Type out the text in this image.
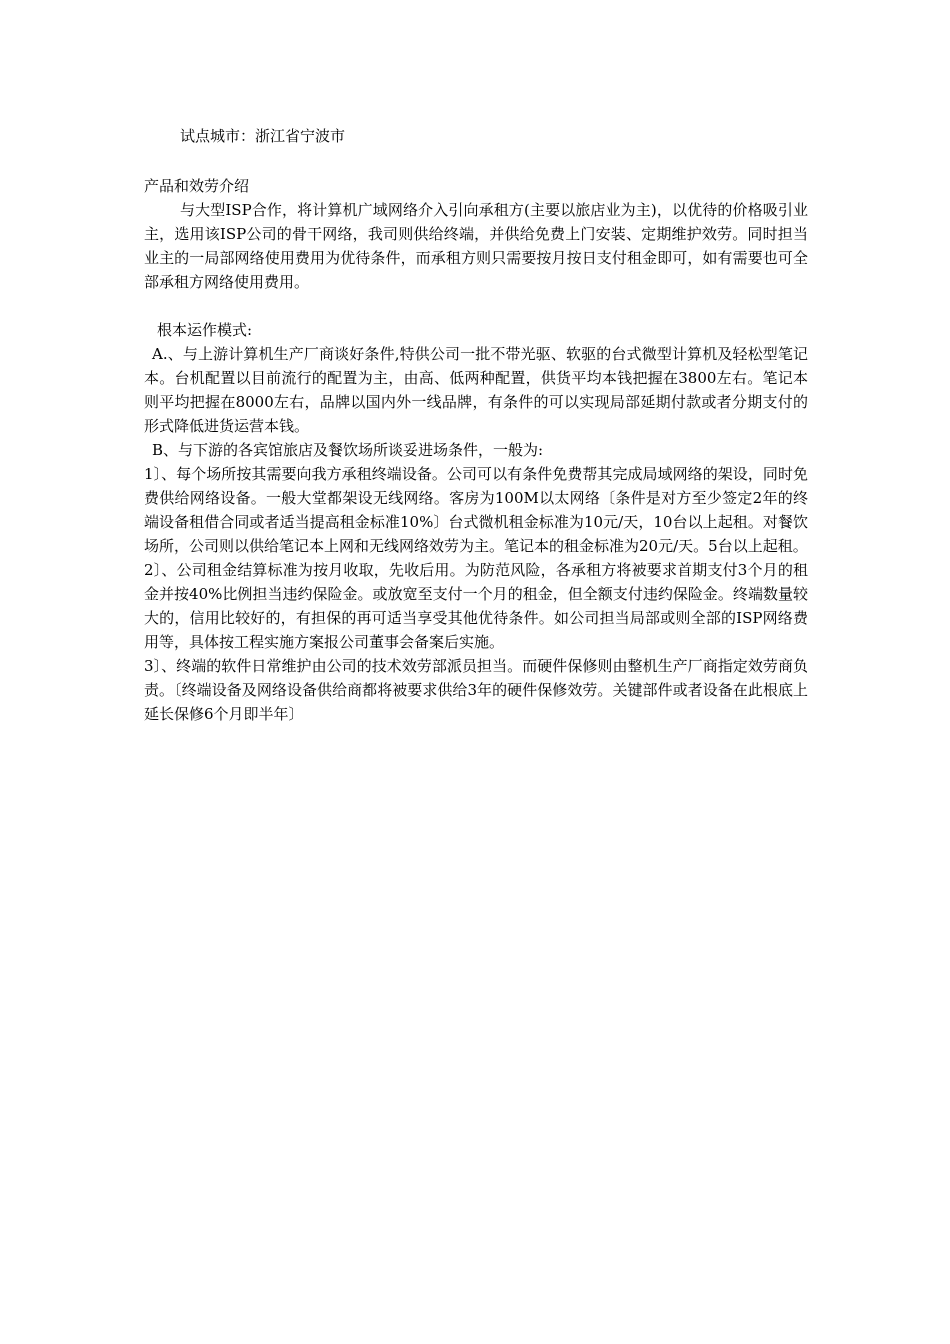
试点城市：浙江省宁波市

产品和效劳介绍

与大型ISP合作，将计算机广域网络介入引向承租方(主要以旅店业为主)，以优待的价格吸引业主，选用该ISP公司的骨干网络，我司则供给终端，并供给免费上门安装、定期维护效劳。同时担当业主的一局部网络使用费用为优待条件，而承租方则只需要按月按日支付租金即可，如有需要也可全部承租方网络使用费用。

根本运作模式:

A.、与上游计算机生产厂商谈好条件,特供公司一批不带光驱、软驱的台式微型计算机及轻松型笔记本。台机配置以目前流行的配置为主，由高、低两种配置，供货平均本钱把握在3800左右。笔记本则平均把握在8000左右，品牌以国内外一线品牌，有条件的可以实现局部延期付款或者分期支付的形式降低进货运营本钱。

B、与下游的各宾馆旅店及餐饮场所谈妥进场条件，一般为:

1〕、每个场所按其需要向我方承租终端设备。公司可以有条件免费帮其完成局域网络的架设，同时免费供给网络设备。一般大堂都架设无线网络。客房为100M以太网络〔条件是对方至少签定2年的终端设备租借合同或者适当提高租金标准10%〕台式微机租金标准为10元/天，10台以上起租。对餐饮场所，公司则以供给笔记本上网和无线网络效劳为主。笔记本的租金标准为20元/天。5台以上起租。

2〕、公司租金结算标准为按月收取，先收后用。为防范风险，各承租方将被要求首期支付3个月的租金并按40%比例担当违约保险金。或放宽至支付一个月的租金，但全额支付违约保险金。终端数量较大的，信用比较好的，有担保的再可适当享受其他优待条件。如公司担当局部或则全部的ISP网络费用等，具体按工程实施方案报公司董事会备案后实施。

3〕、终端的软件日常维护由公司的技术效劳部派员担当。而硬件保修则由整机生产厂商指定效劳商负责。〔终端设备及网络设备供给商都将被要求供给3年的硬件保修效劳。关键部件或者设备在此根底上延长保修6个月即半年〕
